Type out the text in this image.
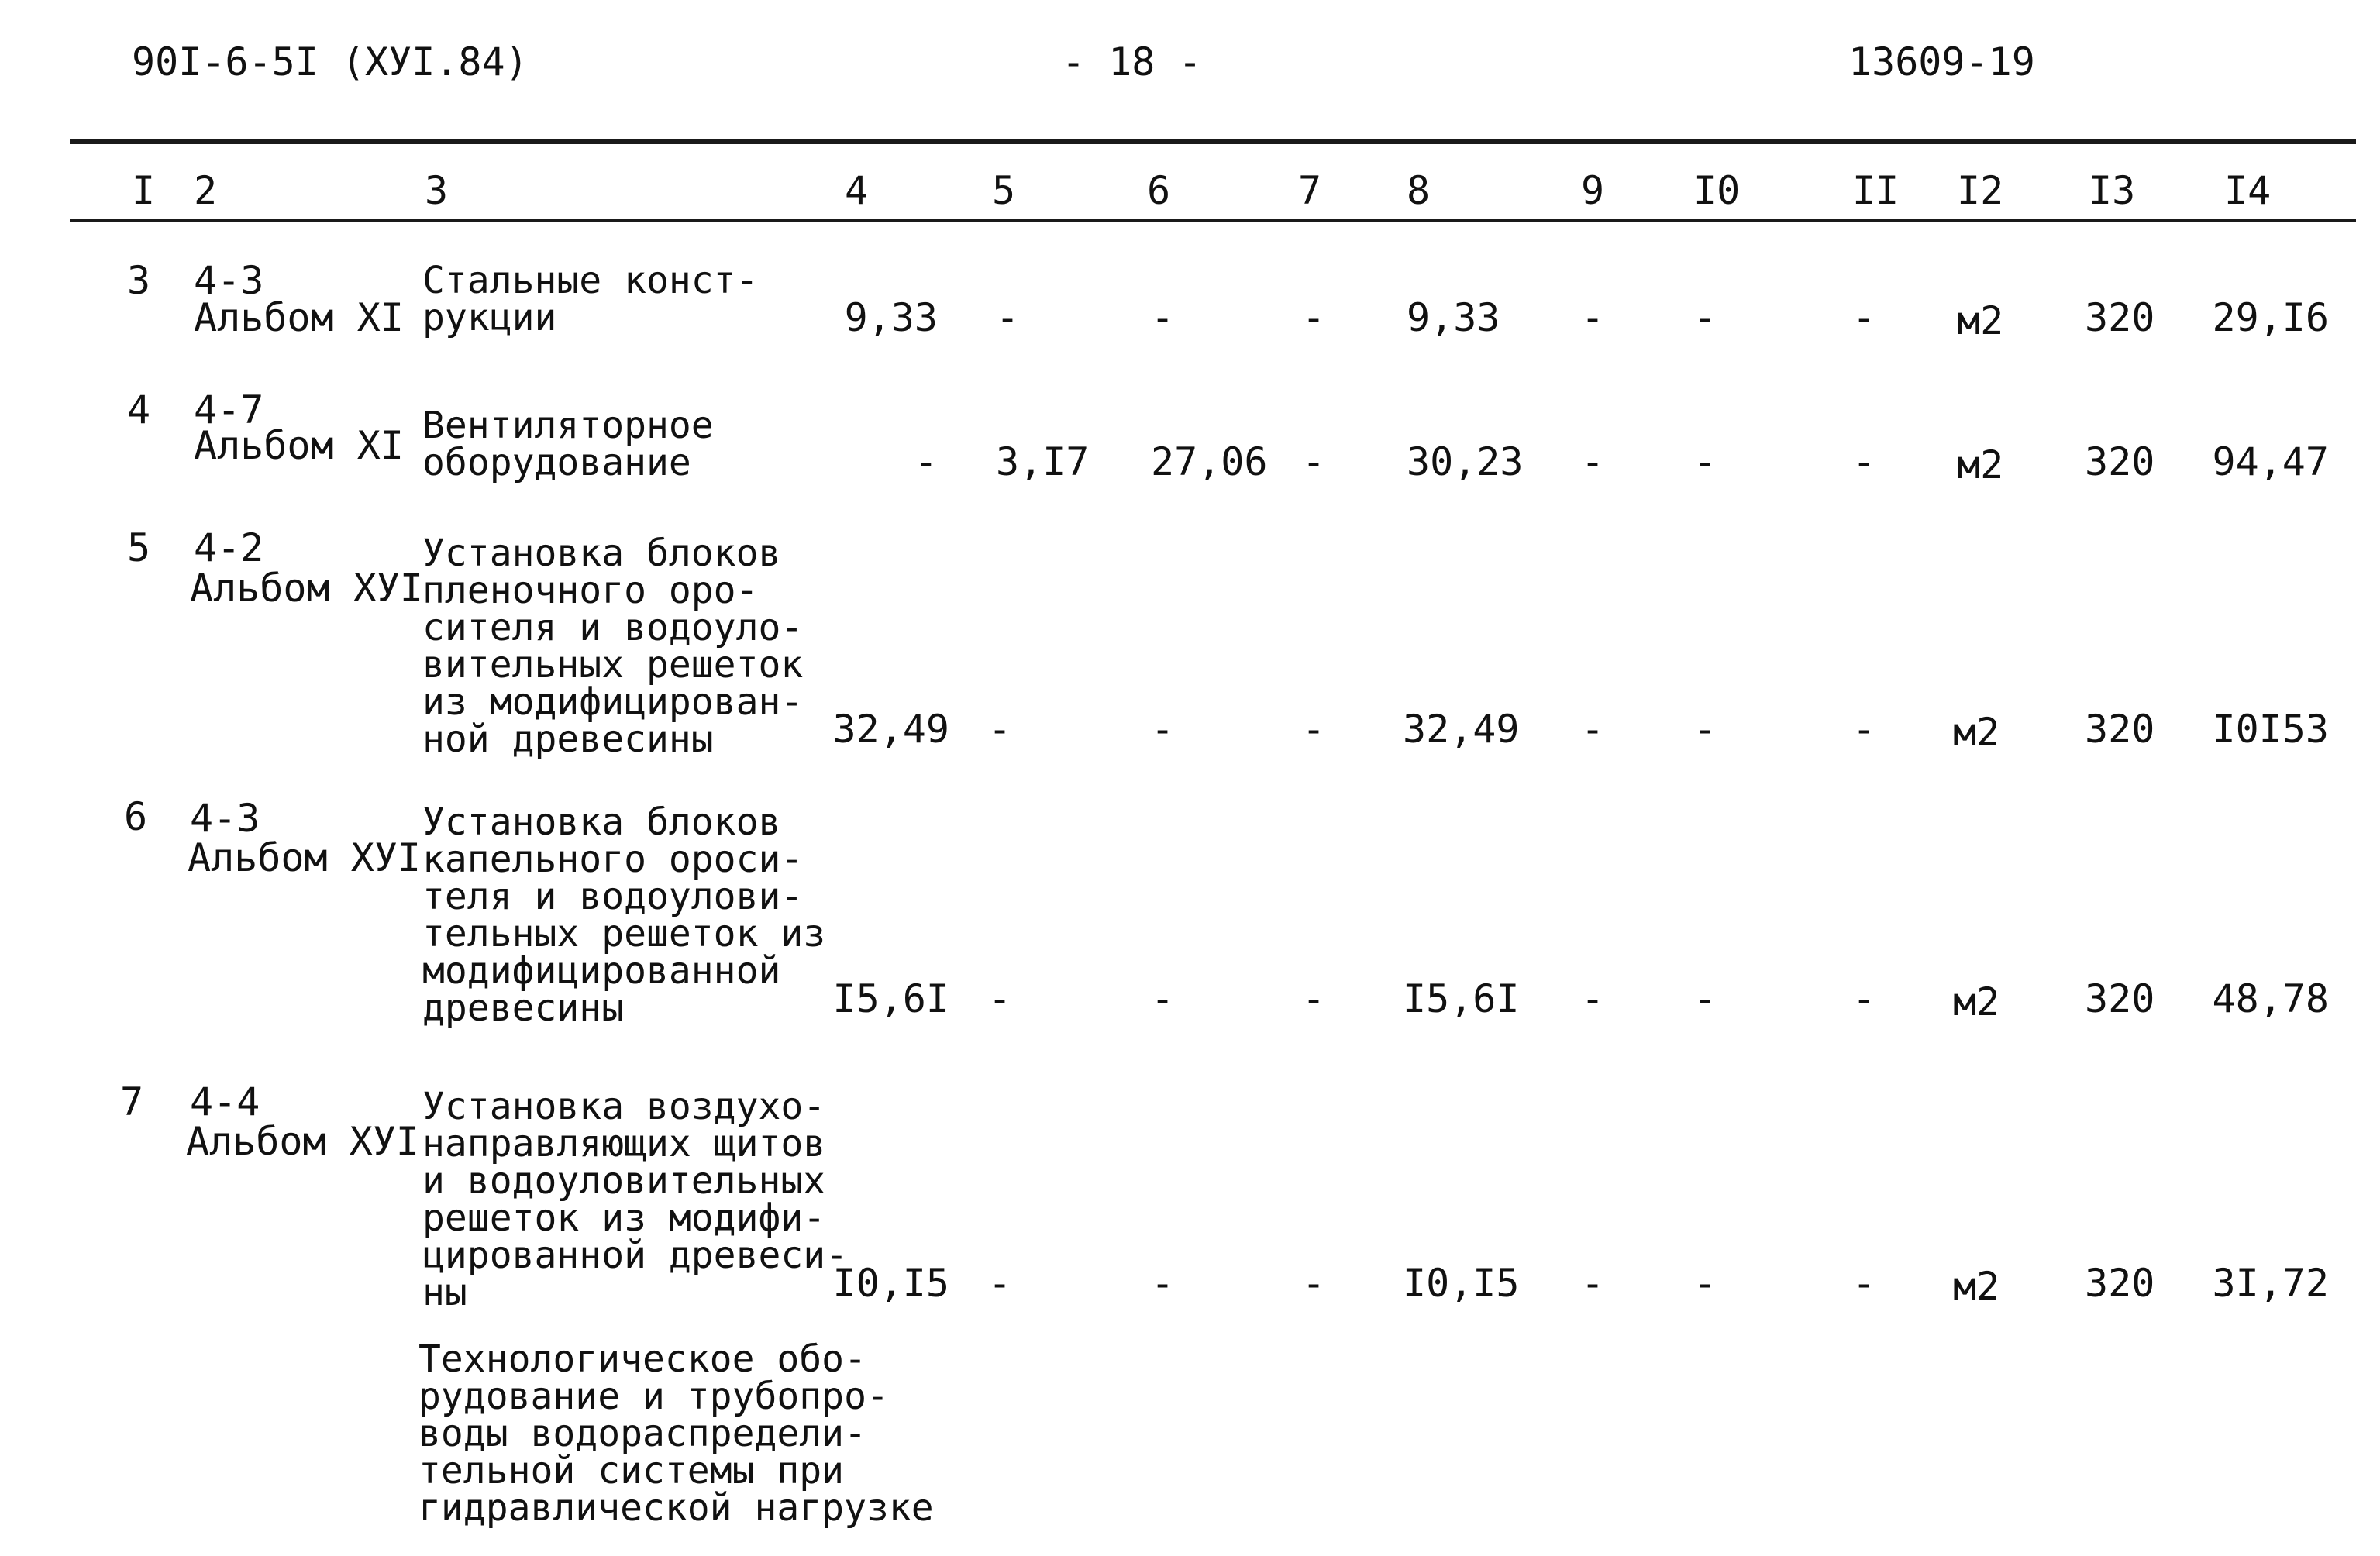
90I-6-5I (XУI.84)	- 18 -	13609-19
I 2	3	4	5	6	7 8	9 I0	II I2 I3 I4
3 4-3
Альбом XI
Стальные конст-
рукции	9,33 -	-	- 9,33 - -	- м2 320	29,I6
4 4-7
Альбом XI Вентиляторное
оборудование	- 3,I7 27,06 - 30,23 - -	- м2 320	94,47
5 4-2
Альбом XУI
Установка блоков
пленочного оро-
сителя и водоуло-
вительных решеток
из модифицирован-
ной древесины	32,49 -	-	- 32,49 - -	- м2 320	I0I53
6 4-3
Альбом XУI
Установка блоков
капельного ороси-
теля и водоулови-
тельных решеток из
модифицированной
древесины	I5,6I -	-	- I5,6I - -	- м2 320	48,78
7 4-4
Альбом XУI
Установка воздухо-
направляющих щитов
и водоуловительных
решеток из модифи-
цированной древеси-
ны	I0,I5 -	-	- I0,I5 - -	- м2 320	3I,72
Технологическое обо-
рудование и трубопро-
воды водораспредели-
тельной системы при
гидравлической нагрузке
